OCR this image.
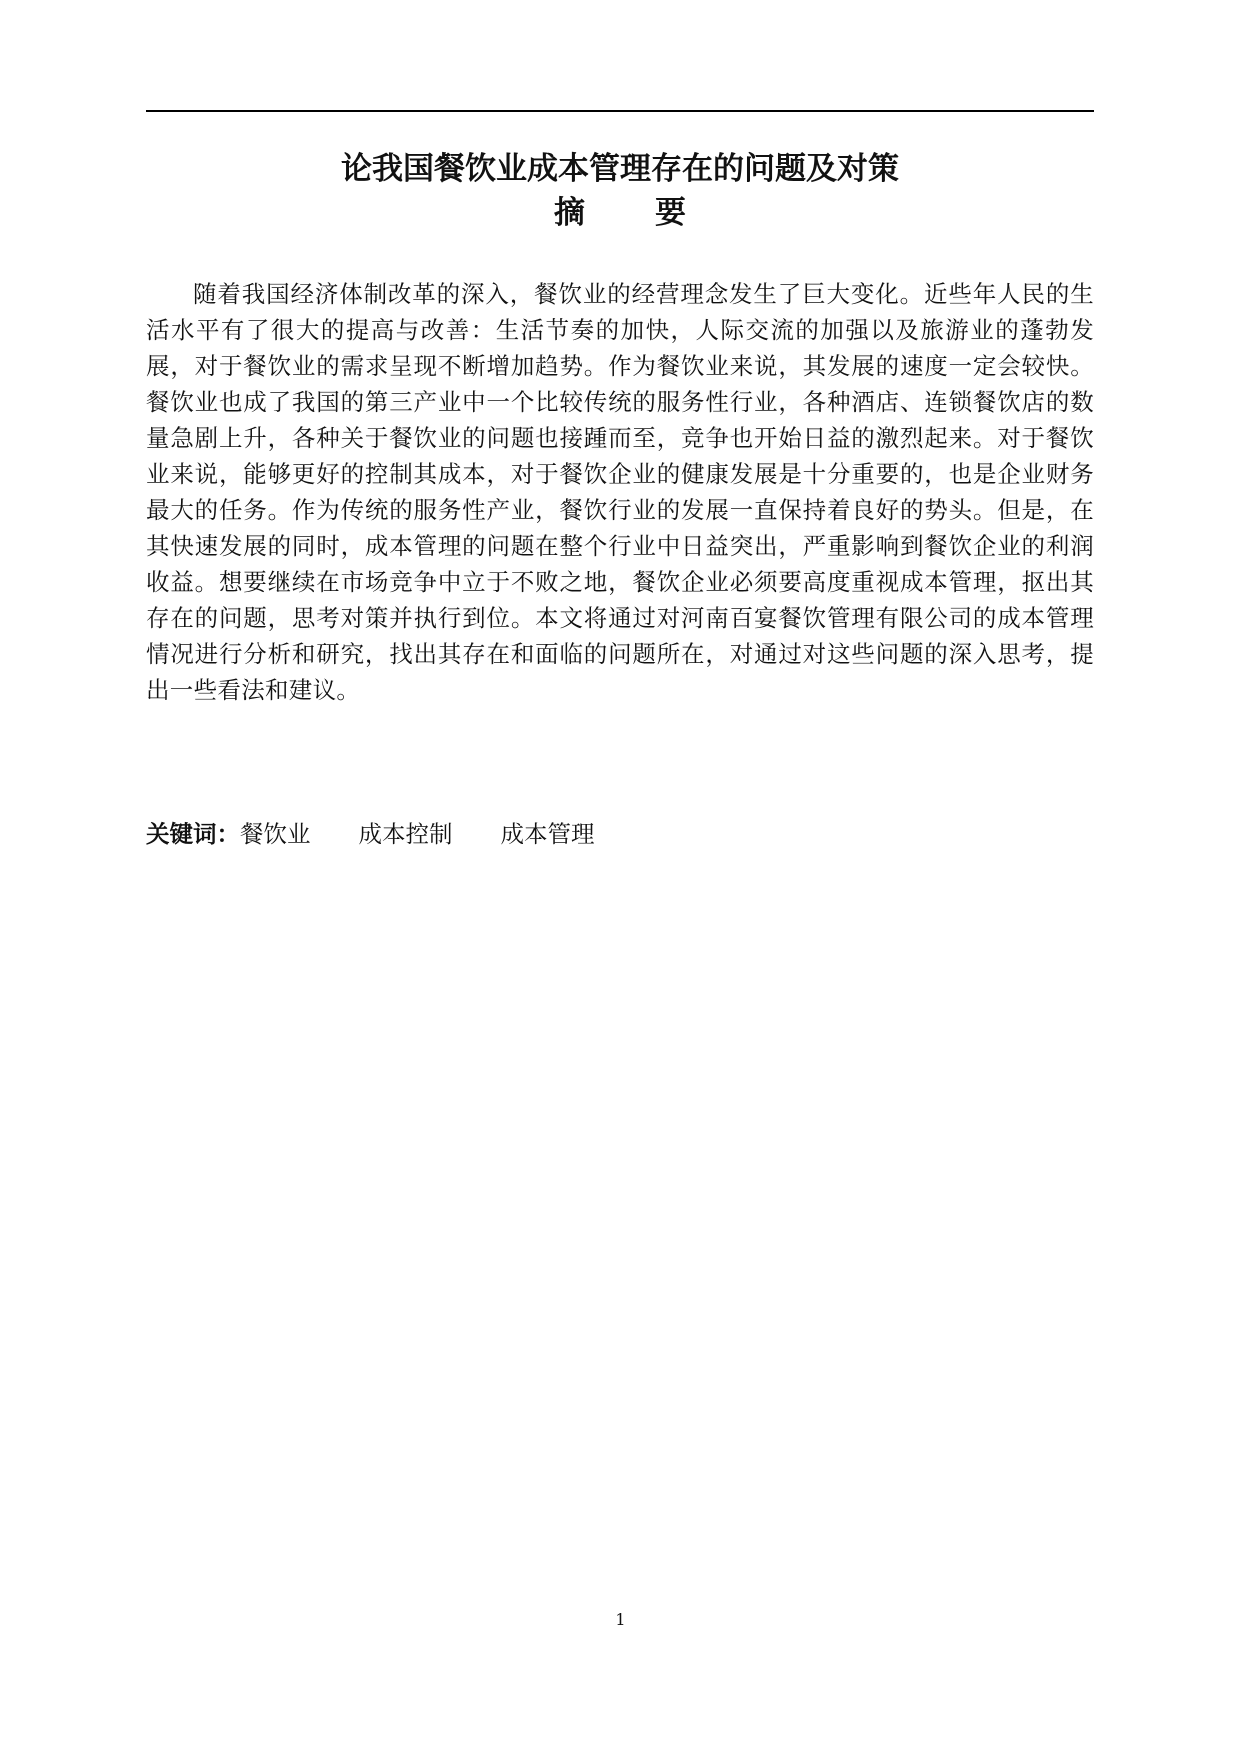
论我国餐饮业成本管理存在的问题及对策
摘 要

随着我国经济体制改革的深入，餐饮业的经营理念发生了巨大变化。近些年人民的生活水平有了很大的提高与改善：生活节奏的加快，人际交流的加强以及旅游业的蓬勃发展，对于餐饮业的需求呈现不断增加趋势。作为餐饮业来说，其发展的速度一定会较快。餐饮业也成了我国的第三产业中一个比较传统的服务性行业，各种酒店、连锁餐饮店的数量急剧上升，各种关于餐饮业的问题也接踵而至，竞争也开始日益的激烈起来。对于餐饮业来说，能够更好的控制其成本，对于餐饮企业的健康发展是十分重要的，也是企业财务最大的任务。作为传统的服务性产业，餐饮行业的发展一直保持着良好的势头。但是，在其快速发展的同时，成本管理的问题在整个行业中日益突出，严重影响到餐饮企业的利润收益。想要继续在市场竞争中立于不败之地，餐饮企业必须要高度重视成本管理，抠出其存在的问题，思考对策并执行到位。本文将通过对河南百宴餐饮管理有限公司的成本管理情况进行分析和研究，找出其存在和面临的问题所在，对通过对这些问题的深入思考，提出一些看法和建议。

关键词：餐饮业 成本控制 成本管理
1
